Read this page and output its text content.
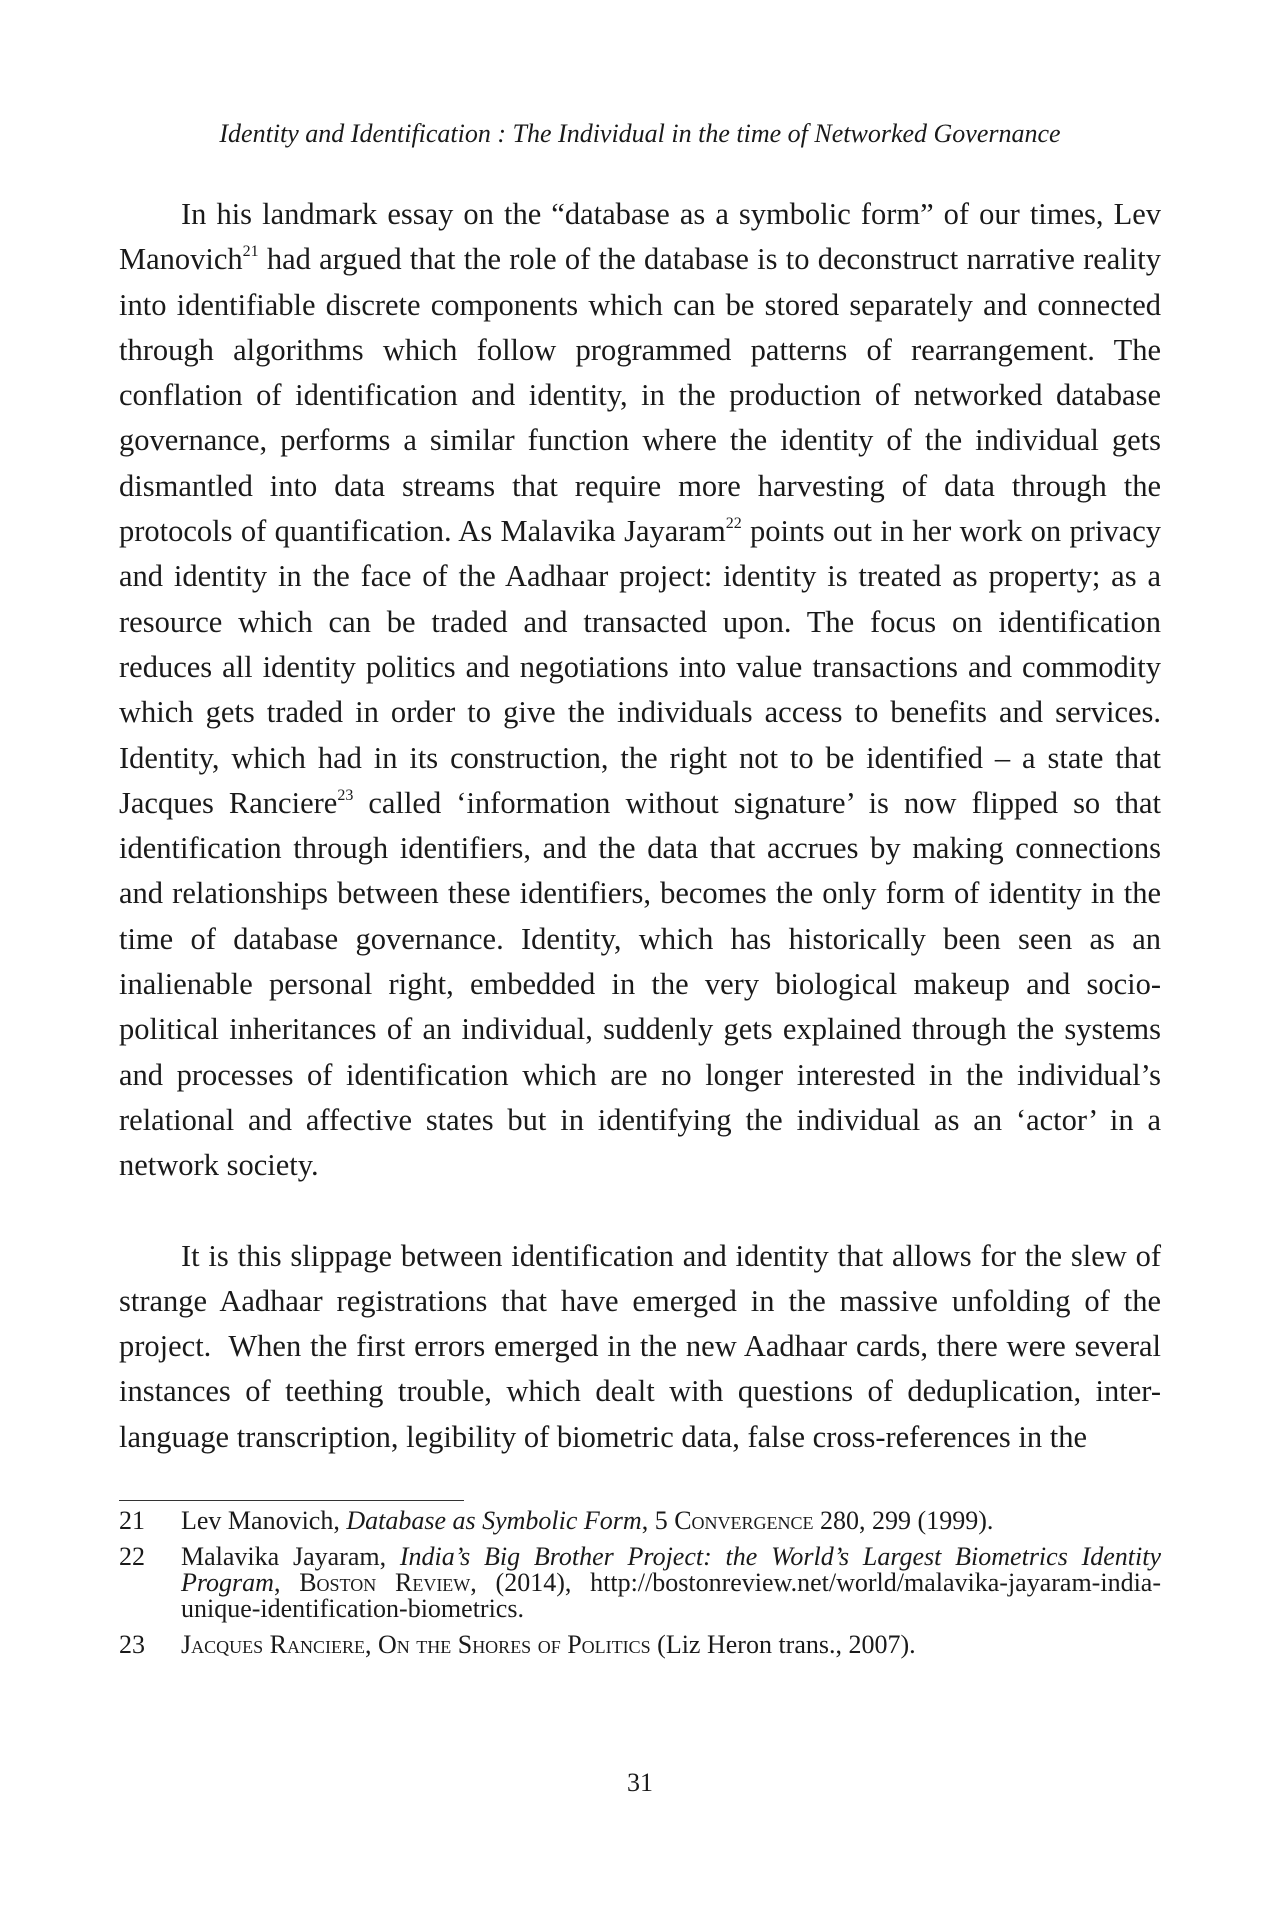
Identity and Identification : The Individual in the time of Networked Governance

In his landmark essay on the “database as a symbolic form” of our times, Lev Manovich$^{21}$ had argued that the role of the database is to deconstruct narrative reality into identifiable discrete components which can be stored separately and connected through algorithms which follow programmed patterns of rearrangement. The conflation of identification and identity, in the production of networked database governance, performs a similar function where the identity of the individual gets dismantled into data streams that require more harvesting of data through the protocols of quantification. As Malavika Jayaram$^{22}$ points out in her work on privacy and identity in the face of the Aadhaar project: identity is treated as property; as a resource which can be traded and transacted upon. The focus on identification reduces all identity politics and negotiations into value transactions and commodity which gets traded in order to give the individuals access to benefits and services. Identity, which had in its construction, the right not to be identified – a state that Jacques Ranciere$^{23}$ called ‘information without signature’ is now flipped so that identification through identifiers, and the data that accrues by making connections and relationships between these identifiers, becomes the only form of identity in the time of database governance. Identity, which has historically been seen as an inalienable personal right, embedded in the very biological makeup and socio-political inheritances of an individual, suddenly gets explained through the systems and processes of identification which are no longer interested in the individual’s relational and affective states but in identifying the individual as an ‘actor’ in a network society.

It is this slippage between identification and identity that allows for the slew of strange Aadhaar registrations that have emerged in the massive unfolding of the project.  When the first errors emerged in the new Aadhaar cards, there were several instances of teething trouble, which dealt with questions of deduplication, inter-language transcription, legibility of biometric data, false cross-references in the

21	Lev Manovich, Database as Symbolic Form, 5 Convergence 280, 299 (1999).
22	Malavika Jayaram, India’s Big Brother Project: the World’s Largest Biometrics Identity Program, Boston Review, (2014), http://bostonreview.net/world/malavika-jayaram-india-unique-identification-biometrics.
23	Jacques Ranciere, On the Shores of Politics (Liz Heron trans., 2007).
31
